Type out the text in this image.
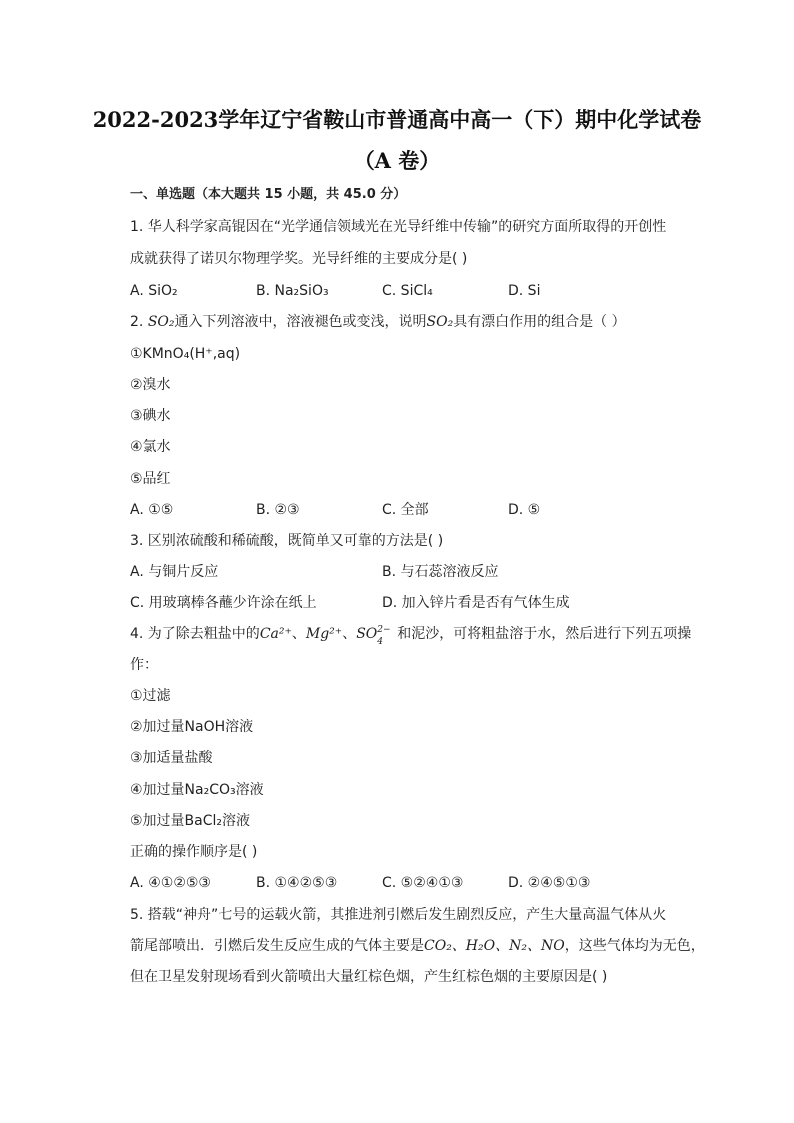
2022-2023学年辽宁省鞍山市普通高中高一（下）期中化学试卷
（A 卷）
一、单选题（本大题共 15 小题，共 45.0 分）
1. 华人科学家高锟因在“光学通信领域光在光导纤维中传输”的研究方面所取得的开创性
成就获得了诺贝尔物理学奖。光导纤维的主要成分是( )
A. SiO₂	B. Na₂SiO₃	C. SiCl₄	D. Si
2. SO₂通入下列溶液中，溶液褪色或变浅，说明SO₂具有漂白作用的组合是（ ）
①KMnO₄(H⁺,aq)
②溴水
③碘水
④氯水
⑤品红
A. ①⑤	B. ②③	C. 全部	D. ⑤
3. 区别浓硫酸和稀硫酸，既简单又可靠的方法是( )
A. 与铜片反应	B. 与石蕊溶液反应
C. 用玻璃棒各蘸少许涂在纸上	D. 加入锌片看是否有气体生成
4. 为了除去粗盐中的Ca²⁺、Mg²⁺、SO 2−
4 和泥沙，可将粗盐溶于水，然后进行下列五项操
作：
①过滤
②加过量NaOH溶液
③加适量盐酸
④加过量Na₂CO₃溶液
⑤加过量BaCl₂溶液
正确的操作顺序是( )
A. ④①②⑤③	B. ①④②⑤③	C. ⑤②④①③	D. ②④⑤①③
5. 搭载“神舟”七号的运载火箭，其推进剂引燃后发生剧烈反应，产生大量高温气体从火
箭尾部喷出．引燃后发生反应生成的气体主要是CO₂、H₂O、N₂、NO，这些气体均为无色，
但在卫星发射现场看到火箭喷出大量红棕色烟，产生红棕色烟的主要原因是( )
